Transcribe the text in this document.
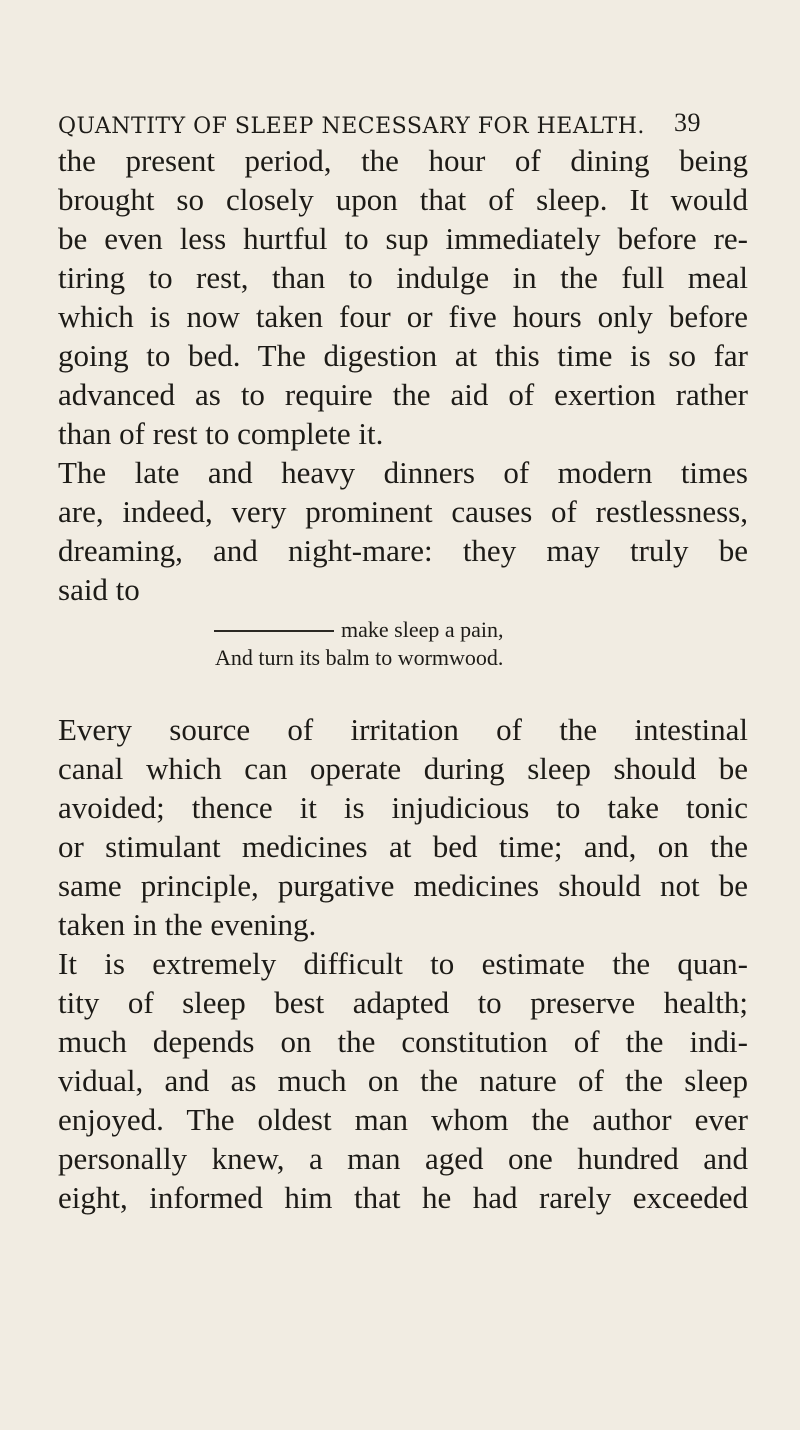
QUANTITY OF SLEEP NECESSARY FOR HEALTH. 39
the present period, the hour of dining being
brought so closely upon that of sleep. It would
be even less hurtful to sup immediately before re-
tiring to rest, than to indulge in the full meal
which is now taken four or five hours only before
going to bed. The digestion at this time is so far
advanced as to require the aid of exertion rather
than of rest to complete it.
The late and heavy dinners of modern times
are, indeed, very prominent causes of restlessness,
dreaming, and night-mare: they may truly be
said to
make sleep a pain,
And turn its balm to wormwood.
Every source of irritation of the intestinal
canal which can operate during sleep should be
avoided; thence it is injudicious to take tonic
or stimulant medicines at bed time; and, on the
same principle, purgative medicines should not be
taken in the evening.
It is extremely difficult to estimate the quan-
tity of sleep best adapted to preserve health;
much depends on the constitution of the indi-
vidual, and as much on the nature of the sleep
enjoyed. The oldest man whom the author ever
personally knew, a man aged one hundred and
eight, informed him that he had rarely exceeded
